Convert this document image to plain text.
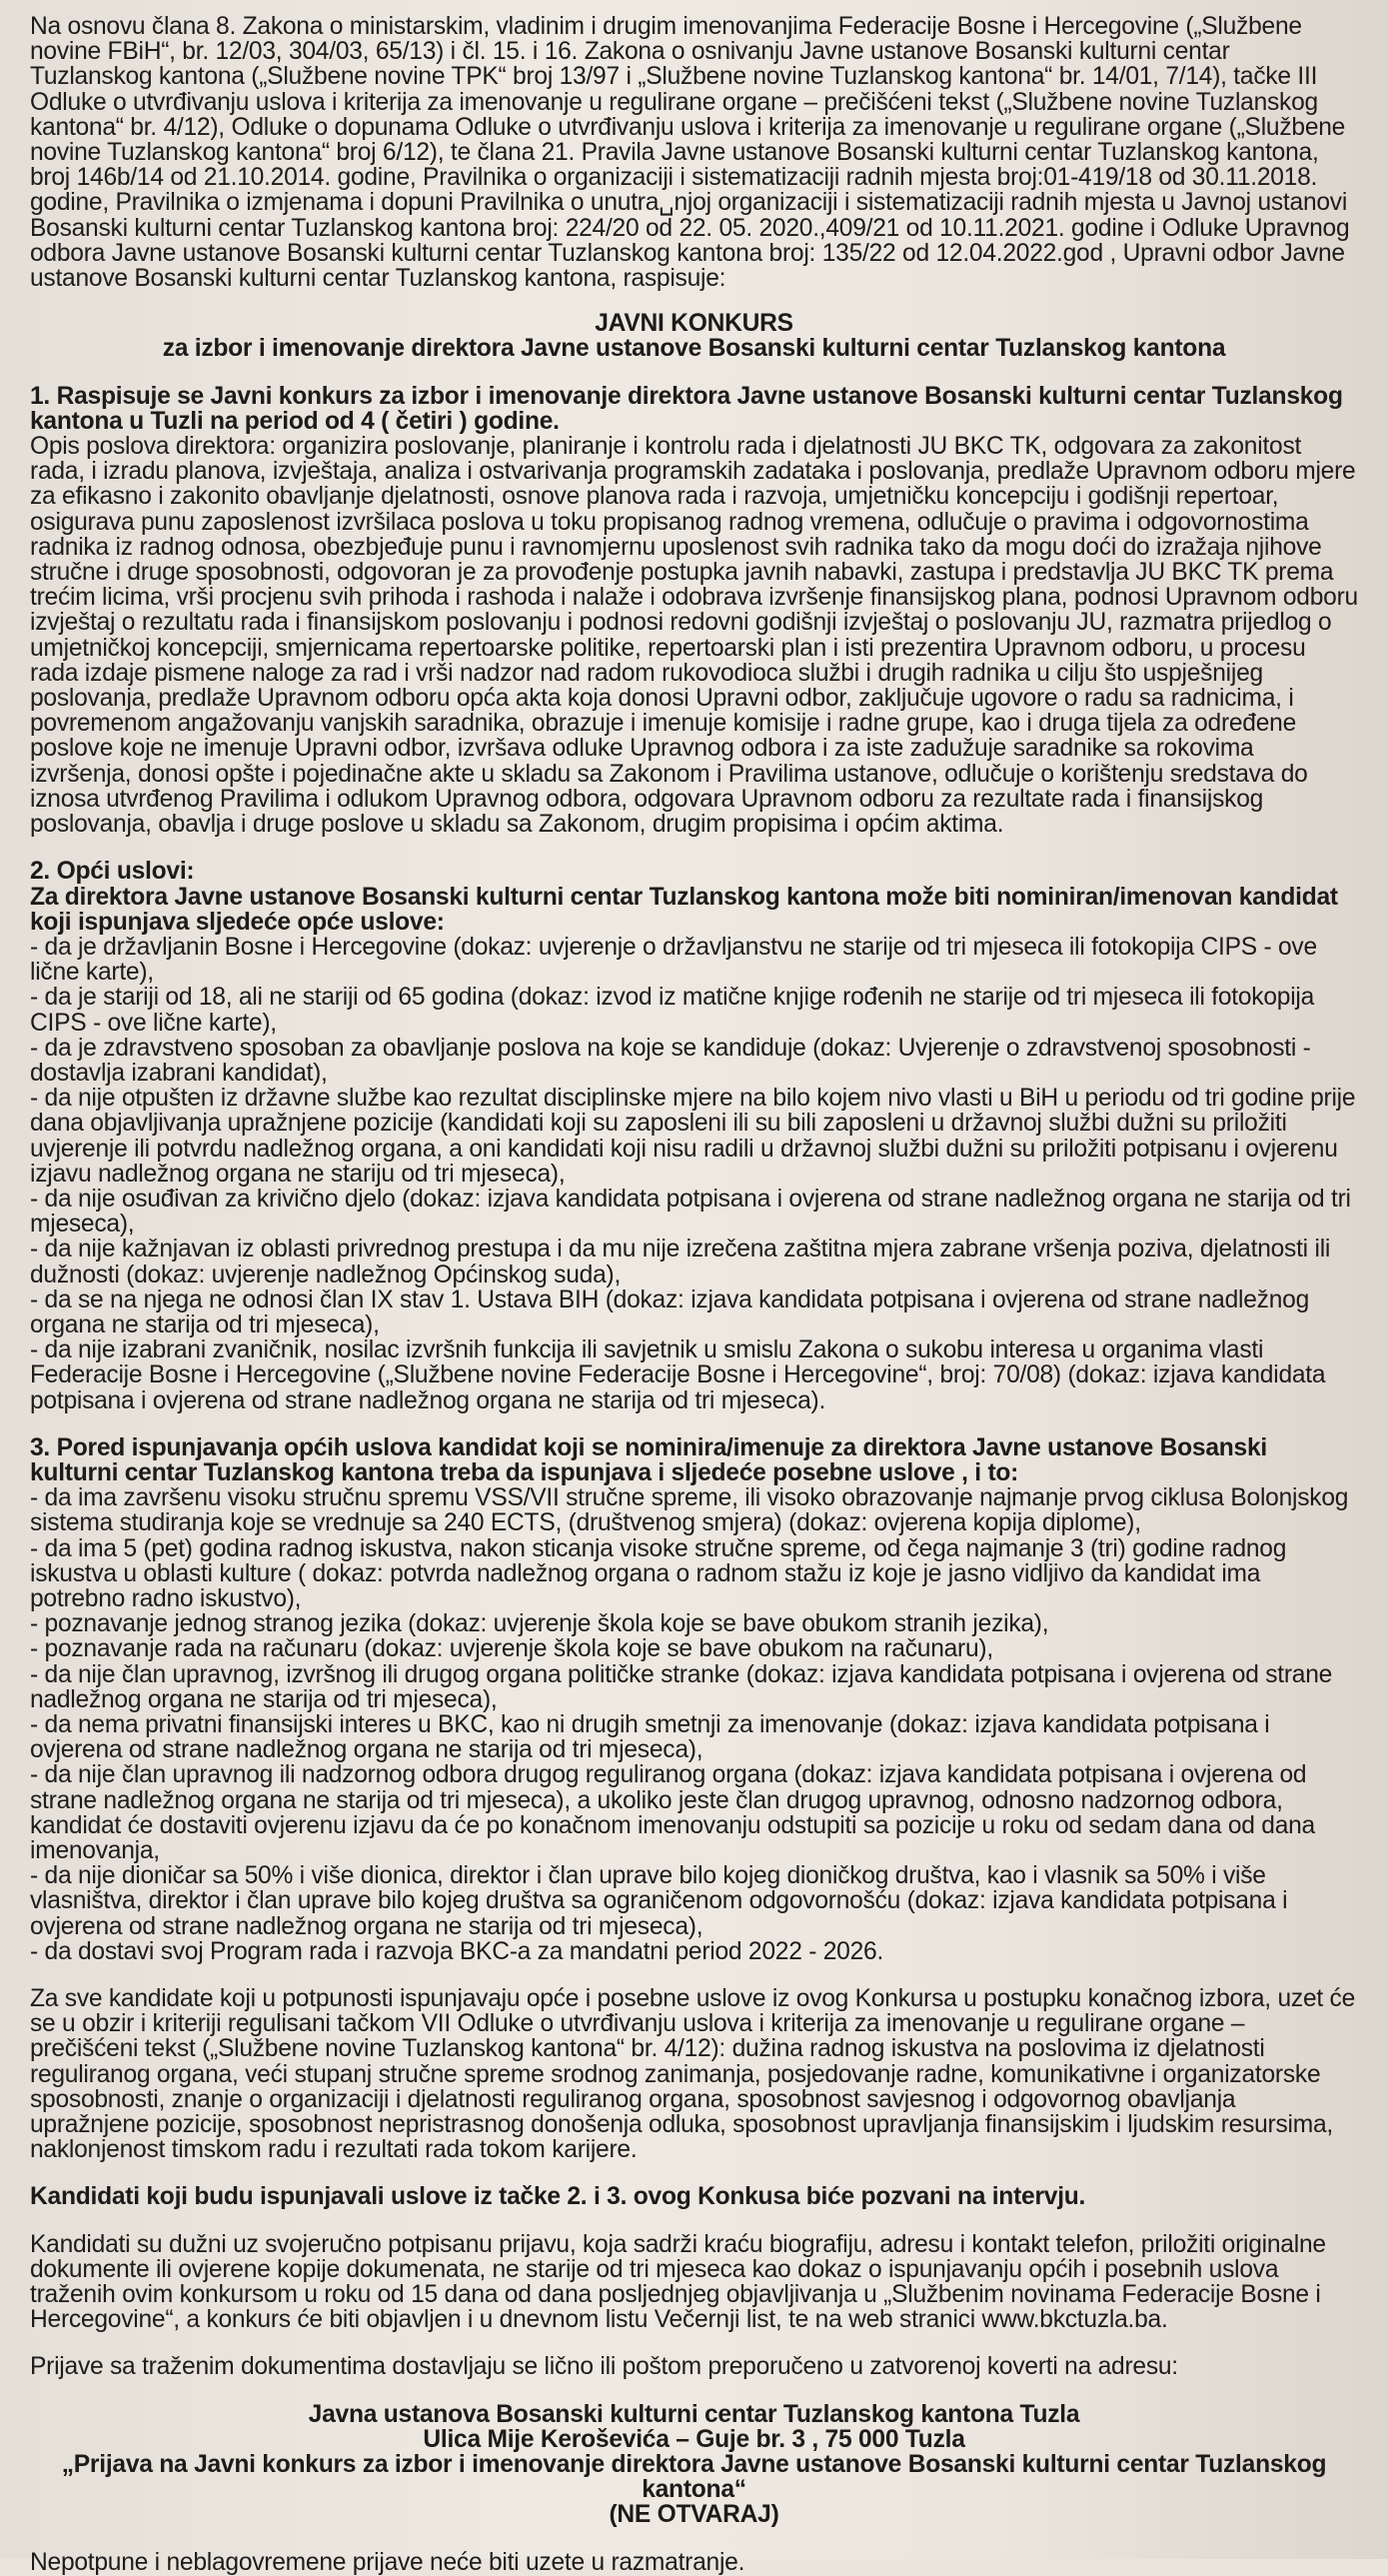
Na osnovu člana 8. Zakona o ministarskim, vladinim i drugim imenovanjima Federacije Bosne i Hercegovine („Službene novine FBiH“, br. 12/03, 304/03, 65/13) i čl. 15. i 16. Zakona o osnivanju Javne ustanove Bosanski kulturni centar Tuzlanskog kantona („Službene novine TPK“ broj 13/97 i „Službene novine Tuzlanskog kantona“ br. 14/01, 7/14), tačke III Odluke o utvrđivanju uslova i kriterija za imenovanje u regulirane organe – prečišćeni tekst („Službene novine Tuzlanskog kantona“ br. 4/12), Odluke o dopunama Odluke o utvrđivanju uslova i kriterija za imenovanje u regulirane organe („Službene novine Tuzlanskog kantona“ broj 6/12), te člana 21. Pravila Javne ustanove Bosanski kulturni centar Tuzlanskog kantona, broj 146b/14 od 21.10.2014. godine, Pravilnika o organizaciji i sistematizaciji radnih mjesta broj:01-419/18 od 30.11.2018. godine, Pravilnika o izmjenama i dopuni Pravilnika o unutra␣njoj organizaciji i sistematizaciji radnih mjesta u Javnoj ustanovi Bosanski kulturni centar Tuzlanskog kantona broj: 224/20 od 22. 05. 2020.,409/21 od 10.11.2021. godine i Odluke Upravnog odbora Javne ustanove Bosanski kulturni centar Tuzlanskog kantona broj: 135/22 od 12.04.2022.god , Upravni odbor Javne ustanove Bosanski kulturni centar Tuzlanskog kantona, raspisuje:

JAVNI KONKURS

za izbor i imenovanje direktora Javne ustanove Bosanski kulturni centar Tuzlanskog kantona

1. Raspisuje se Javni konkurs za izbor i imenovanje direktora Javne ustanove Bosanski kulturni centar Tuzlanskog kantona u Tuzli na period od 4 ( četiri ) godine.

Opis poslova direktora: organizira poslovanje, planiranje i kontrolu rada i djelatnosti JU BKC TK, odgovara za zakonitost rada, i izradu planova, izvještaja, analiza i ostvarivanja programskih zadataka i poslovanja, predlaže Upravnom odboru mjere za efikasno i zakonito obavljanje djelatnosti, osnove planova rada i razvoja, umjetničku koncepciju i godišnji repertoar, osigurava punu zaposlenost izvršilaca poslova u toku propisanog radnog vremena, odlučuje o pravima i odgovornostima radnika iz radnog odnosa, obezbjeđuje punu i ravnomjernu uposlenost svih radnika tako da mogu doći do izražaja njihove stručne i druge sposobnosti, odgovoran je za provođenje postupka javnih nabavki, zastupa i predstavlja JU BKC TK prema trećim licima, vrši procjenu svih prihoda i rashoda i nalaže i odobrava izvršenje finansijskog plana, podnosi Upravnom odboru izvještaj o rezultatu rada i finansijskom poslovanju i podnosi redovni godišnji izvještaj o poslovanju JU, razmatra prijedlog o umjetničkoj koncepciji, smjernicama repertoarske politike, repertoarski plan i isti prezentira Upravnom odboru, u procesu rada izdaje pismene naloge za rad i vrši nadzor nad radom rukovodioca službi i drugih radnika u cilju što uspješnijeg poslovanja, predlaže Upravnom odboru opća akta koja donosi Upravni odbor, zaključuje ugovore o radu sa radnicima, i povremenom angažovanju vanjskih saradnika, obrazuje i imenuje komisije i radne grupe, kao i druga tijela za određene poslove koje ne imenuje Upravni odbor, izvršava odluke Upravnog odbora i za iste zadužuje saradnike sa rokovima izvršenja, donosi opšte i pojedinačne akte u skladu sa Zakonom i Pravilima ustanove, odlučuje o korištenju sredstava do iznosa utvrđenog Pravilima i odlukom Upravnog odbora, odgovara Upravnom odboru za rezultate rada i finansijskog poslovanja, obavlja i druge poslove u skladu sa Zakonom, drugim propisima i općim aktima.

2. Opći uslovi:

Za direktora Javne ustanove Bosanski kulturni centar Tuzlanskog kantona može biti nominiran/imenovan kandidat koji ispunjava sljedeće opće uslove:

- da je državljanin Bosne i Hercegovine (dokaz: uvjerenje o državljanstvu ne starije od tri mjeseca ili fotokopija CIPS - ove lične karte),
- da je stariji od 18, ali ne stariji od 65 godina (dokaz: izvod iz matične knjige rođenih ne starije od tri mjeseca ili fotokopija CIPS - ove lične karte),
- da je zdravstveno sposoban za obavljanje poslova na koje se kandiduje (dokaz: Uvjerenje o zdravstvenoj sposobnosti - dostavlja izabrani kandidat),
- da nije otpušten iz državne službe kao rezultat disciplinske mjere na bilo kojem nivo vlasti u BiH u periodu od tri godine prije dana objavljivanja upražnjene pozicije (kandidati koji su zaposleni ili su bili zaposleni u državnoj službi dužni su priložiti uvjerenje ili potvrdu nadležnog organa, a oni kandidati koji nisu radili u državnoj službi dužni su priložiti potpisanu i ovjerenu izjavu nadležnog organa ne stariju od tri mjeseca),
- da nije osuđivan za krivično djelo (dokaz: izjava kandidata potpisana i ovjerena od strane nadležnog organa ne starija od tri mjeseca),
- da nije kažnjavan iz oblasti privrednog prestupa i da mu nije izrečena zaštitna mjera zabrane vršenja poziva, djelatnosti ili dužnosti (dokaz: uvjerenje nadležnog Općinskog suda),
- da se na njega ne odnosi član IX stav 1. Ustava BIH (dokaz: izjava kandidata potpisana i ovjerena od strane nadležnog organa ne starija od tri mjeseca),
- da nije izabrani zvaničnik, nosilac izvršnih funkcija ili savjetnik u smislu Zakona o sukobu interesa u organima vlasti Federacije Bosne i Hercegovine („Službene novine Federacije Bosne i Hercegovine“, broj: 70/08) (dokaz: izjava kandidata potpisana i ovjerena od strane nadležnog organa ne starija od tri mjeseca).

3. Pored ispunjavanja općih uslova kandidat koji se nominira/imenuje za direktora Javne ustanove Bosanski kulturni centar Tuzlanskog kantona treba da ispunjava i sljedeće posebne uslove , i to:

- da ima završenu visoku stručnu spremu VSS/VII stručne spreme, ili visoko obrazovanje najmanje prvog ciklusa Bolonjskog sistema studiranja koje se vrednuje sa 240 ECTS, (društvenog smjera) (dokaz: ovjerena kopija diplome),
- da ima 5 (pet) godina radnog iskustva, nakon sticanja visoke stručne spreme, od čega najmanje 3 (tri) godine radnog iskustva u oblasti kulture ( dokaz: potvrda nadležnog organa o radnom stažu iz koje je jasno vidljivo da kandidat ima potrebno radno iskustvo),
- poznavanje jednog stranog jezika (dokaz: uvjerenje škola koje se bave obukom stranih jezika),
- poznavanje rada na računaru (dokaz: uvjerenje škola koje se bave obukom na računaru),
- da nije član upravnog, izvršnog ili drugog organa političke stranke (dokaz: izjava kandidata potpisana i ovjerena od strane nadležnog organa ne starija od tri mjeseca),
- da nema privatni finansijski interes u BKC, kao ni drugih smetnji za imenovanje (dokaz: izjava kandidata potpisana i ovjerena od strane nadležnog organa ne starija od tri mjeseca),
- da nije član upravnog ili nadzornog odbora drugog reguliranog organa (dokaz: izjava kandidata potpisana i ovjerena od strane nadležnog organa ne starija od tri mjeseca), a ukoliko jeste član drugog upravnog, odnosno nadzornog odbora, kandidat će dostaviti ovjerenu izjavu da će po konačnom imenovanju odstupiti sa pozicije u roku od sedam dana od dana imenovanja,
- da nije dioničar sa 50% i više dionica, direktor i član uprave bilo kojeg dioničkog društva, kao i vlasnik sa 50% i više vlasništva, direktor i član uprave bilo kojeg društva sa ograničenom odgovornošću (dokaz: izjava kandidata potpisana i ovjerena od strane nadležnog organa ne starija od tri mjeseca),
- da dostavi svoj Program rada i razvoja BKC-a za mandatni period 2022 - 2026.

Za sve kandidate koji u potpunosti ispunjavaju opće i posebne uslove iz ovog Konkursa u postupku konačnog izbora, uzet će se u obzir i kriteriji regulisani tačkom VII Odluke o utvrđivanju uslova i kriterija za imenovanje u regulirane organe – prečišćeni tekst („Službene novine Tuzlanskog kantona“ br. 4/12): dužina radnog iskustva na poslovima iz djelatnosti reguliranog organa, veći stupanj stručne spreme srodnog zanimanja, posjedovanje radne, komunikativne i organizatorske sposobnosti, znanje o organizaciji i djelatnosti reguliranog organa, sposobnost savjesnog i odgovornog obavljanja upražnjene pozicije, sposobnost nepristrasnog donošenja odluka, sposobnost upravljanja finansijskim i ljudskim resursima, naklonjenost timskom radu i rezultati rada tokom karijere.

Kandidati koji budu ispunjavali uslove iz tačke 2. i 3. ovog Konkusa biće pozvani na intervju.

Kandidati su dužni uz svojeručno potpisanu prijavu, koja sadrži kraću biografiju, adresu i kontakt telefon, priložiti originalne dokumente ili ovjerene kopije dokumenata, ne starije od tri mjeseca kao dokaz o ispunjavanju općih i posebnih uslova traženih ovim konkursom u roku od 15 dana od dana posljednjeg objavljivanja u „Službenim novinama Federacije Bosne i Hercegovine“, a konkurs će biti objavljen i u dnevnom listu Večernji list, te na web stranici www.bkctuzla.ba.

Prijave sa traženim dokumentima dostavljaju se lično ili poštom preporučeno u zatvorenoj koverti na adresu:

Javna ustanova Bosanski kulturni centar Tuzlanskog kantona Tuzla
Ulica Mije Keroševića – Guje br. 3 , 75 000 Tuzla
„Prijava na Javni konkurs za izbor i imenovanje direktora Javne ustanove Bosanski kulturni centar Tuzlanskog kantona“
(NE OTVARAJ)

Nepotpune i neblagovremene prijave neće biti uzete u razmatranje.
